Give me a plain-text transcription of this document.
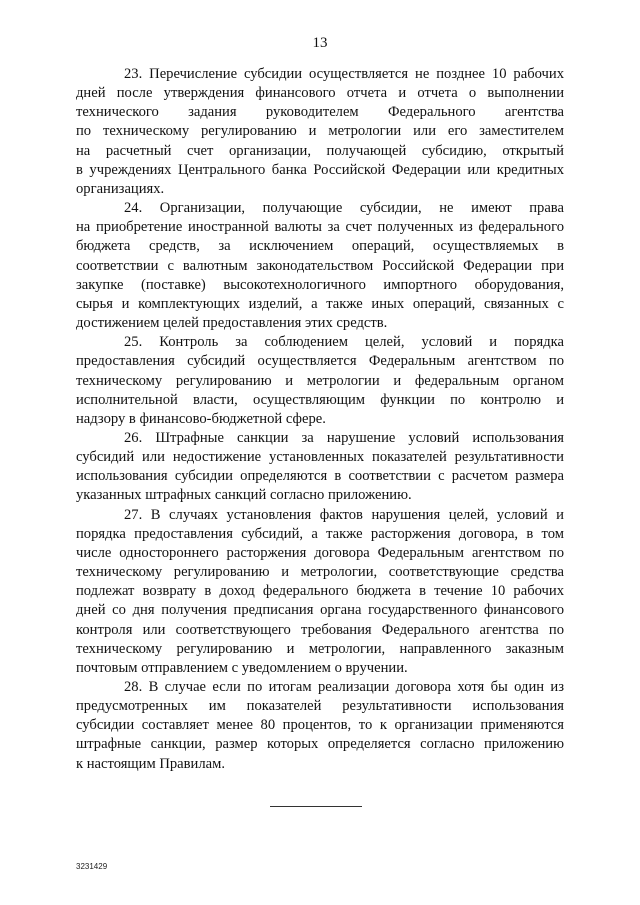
13

23. Перечисление субсидии осуществляется не позднее 10 рабочих
дней после утверждения финансового отчета и отчета о выполнении
технического задания руководителем Федерального агентства
по техническому регулированию и метрологии или его заместителем
на расчетный счет организации, получающей субсидию, открытый
в учреждениях Центрального банка Российской Федерации или кредитных
организациях.

24. Организации, получающие субсидии, не имеют права
на приобретение иностранной валюты за счет полученных из федерального
бюджета средств, за исключением операций, осуществляемых в
соответствии с валютным законодательством Российской Федерации при
закупке (поставке) высокотехнологичного импортного оборудования,
сырья и комплектующих изделий, а также иных операций, связанных с
достижением целей предоставления этих средств.

25. Контроль за соблюдением целей, условий и порядка
предоставления субсидий осуществляется Федеральным агентством по
техническому регулированию и метрологии и федеральным органом
исполнительной власти, осуществляющим функции по контролю и
надзору в финансово-бюджетной сфере.

26. Штрафные санкции за нарушение условий использования
субсидий или недостижение установленных показателей результативности
использования субсидии определяются в соответствии с расчетом размера
указанных штрафных санкций согласно приложению.

27. В случаях установления фактов нарушения целей, условий и
порядка предоставления субсидий, а также расторжения договора, в том
числе одностороннего расторжения договора Федеральным агентством по
техническому регулированию и метрологии, соответствующие средства
подлежат возврату в доход федерального бюджета в течение 10 рабочих
дней со дня получения предписания органа государственного финансового
контроля или соответствующего требования Федерального агентства по
техническому регулированию и метрологии, направленного заказным
почтовым отправлением с уведомлением о вручении.

28. В случае если по итогам реализации договора хотя бы один из
предусмотренных им показателей результативности использования
субсидии составляет менее 80 процентов, то к организации применяются
штрафные санкции, размер которых определяется согласно приложению
к настоящим Правилам.

3231429
